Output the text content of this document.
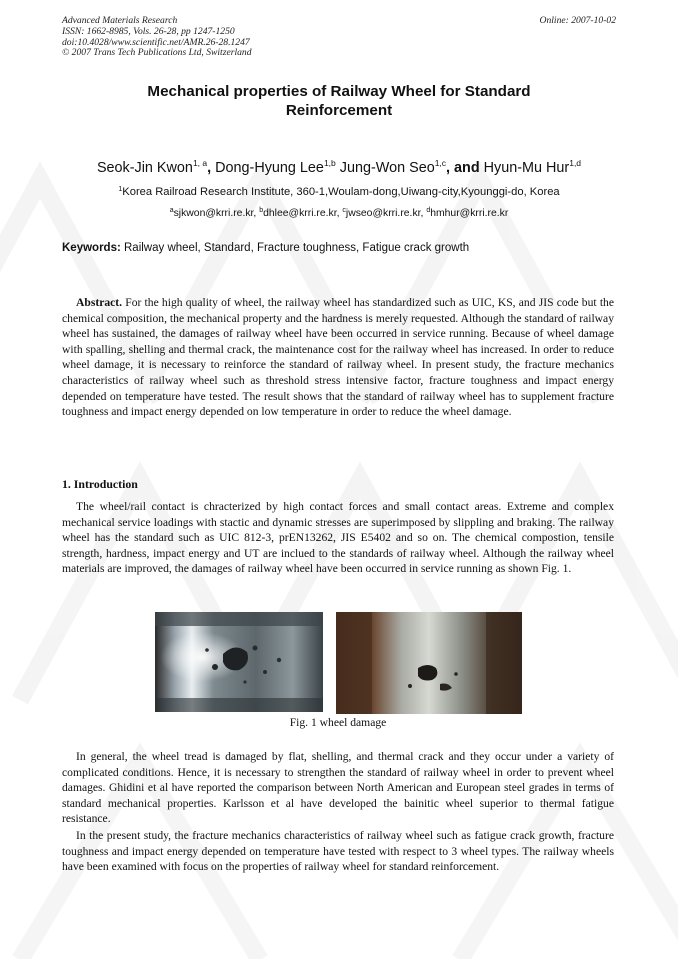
Advanced Materials Research
ISSN: 1662-8985, Vols. 26-28, pp 1247-1250
doi:10.4028/www.scientific.net/AMR.26-28.1247
© 2007 Trans Tech Publications Ltd, Switzerland
Online: 2007-10-02
Mechanical properties of Railway Wheel for Standard
Reinforcement
Seok-Jin Kwon$^{1, a}$, Dong-Hyung Lee$^{1,b}$ Jung-Won Seo$^{1,c}$, and Hyun-Mu Hur$^{1,d}$
$^1$Korea Railroad Research Institute, 360-1,Woulam-dong,Uiwang-city,Kyounggi-do, Korea
$^a$sjkwon@krri.re.kr, $^b$dhlee@krri.re.kr, $^c$jwseo@krri.re.kr, $^d$hmhur@krri.re.kr
Keywords: Railway wheel, Standard, Fracture toughness, Fatigue crack growth

Abstract. For the high quality of wheel, the railway wheel has standardized such as UIC, KS, and JIS code but the chemical composition, the mechanical property and the hardness is merely requested. Although the standard of railway wheel has sustained, the damages of railway wheel have been occurred in service running. Because of wheel damage with spalling, shelling and thermal crack, the maintenance cost for the railway wheel has increased. In order to reduce wheel damage, it is necessary to reinforce the standard of railway wheel. In present study, the fracture mechanics characteristics of railway wheel such as threshold stress intensive factor, fracture toughness and impact energy depended on temperature have tested. The result shows that the standard of railway wheel has to supplement fracture toughness and impact energy depended on low temperature in order to reduce the wheel damage.

1. Introduction

The wheel/rail contact is chracterized by high contact forces and small contact areas. Extreme and complex mechanical service loadings with stactic and dynamic stresses are superimposed by slippling and braking. The railway wheel has the standard such as UIC 812-3, prEN13262, JIS E5402 and so on. The chemical compostion, tensile strength, hardness, impact energy and UT are inclued to the standards of railway wheel. Although the railway wheel materials are improved, the damages of railway wheel have been occurred in service running as shown Fig. 1.

Fig. 1 wheel damage

In general, the wheel tread is damaged by flat, shelling, and thermal crack and they occur under a variety of complicated conditions. Hence, it is necessary to strengthen the standard of railway wheel in order to prevent wheel damages. Ghidini et al have reported the comparison between North American and European steel grades in terms of standard mechanical properties. Karlsson et al have developed the bainitic wheel superior to thermal fatigue resistance.

In the present study, the fracture mechanics characteristics of railway wheel such as fatigue crack growth, fracture toughness and impact energy depended on temperature have tested with respect to 3 wheel types. The railway wheels have been examined with focus on the properties of railway wheel for standard reinforcement.
